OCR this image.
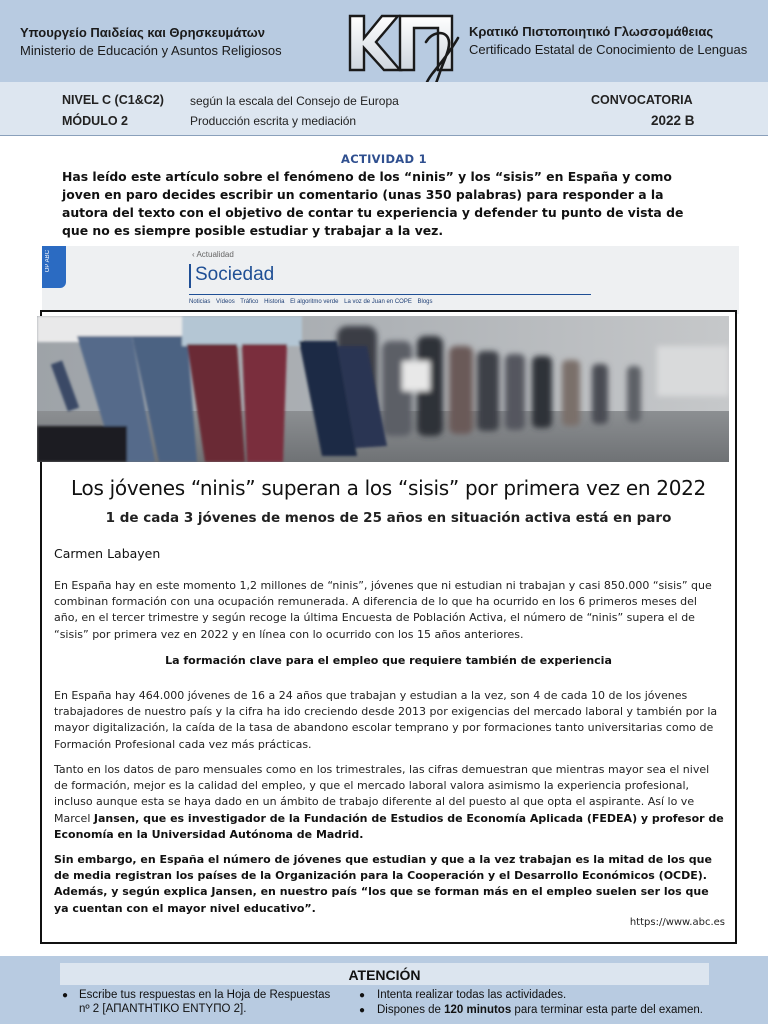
Υπουργείο Παιδείας και Θρησκευμάτων
Ministerio de Educación y Asuntos Religiosos
Κρατικό Πιστοποιητικό Γλωσσομάθειας
Certificado Estatal de Conocimiento de Lenguas
NIVEL C (C1&C2)
MÓDULO 2
según la escala del Consejo de Europa
Producción escrita y mediación
CONVOCATORIA
2022 B
ACTIVIDAD 1
Has leído este artículo sobre el fenómeno de los “ninis” y los “sisis” en España y como joven en paro decides escribir un comentario (unas 350 palabras) para responder a la autora del texto con el objetivo de contar tu experiencia y defender tu punto de vista de que no es siempre posible estudiar y trabajar a la vez.
OP ABC	‹ Actualidad
Sociedad
Noticias Vídeos Tráfico Historia El algoritmo verde La voz de Juan en COPE Blogs
Los jóvenes “ninis” superan a los “sisis” por primera vez en 2022
1 de cada 3 jóvenes de menos de 25 años en situación activa está en paro
Carmen Labayen
En España hay en este momento 1,2 millones de “ninis”, jóvenes que ni estudian ni trabajan y casi 850.000 “sisis” que combinan formación con una ocupación remunerada. A diferencia de lo que ha ocurrido en los 6 primeros meses del año, en el tercer trimestre y según recoge la última Encuesta de Población Activa, el número de “ninis” supera el de “sisis” por primera vez en 2022 y en línea con lo ocurrido con los 15 años anteriores.
La formación clave para el empleo que requiere también de experiencia
En España hay 464.000 jóvenes de 16 a 24 años que trabajan y estudian a la vez, son 4 de cada 10 de los jóvenes trabajadores de nuestro país y la cifra ha ido creciendo desde 2013 por exigencias del mercado laboral y también por la mayor digitalización, la caída de la tasa de abandono escolar temprano y por formaciones tanto universitarias como de Formación Profesional cada vez más prácticas.
Tanto en los datos de paro mensuales como en los trimestrales, las cifras demuestran que mientras mayor sea el nivel de formación, mejor es la calidad del empleo, y que el mercado laboral valora asimismo la experiencia profesional, incluso aunque esta se haya dado en un ámbito de trabajo diferente al del puesto al que opta el aspirante. Así lo ve Marcel Jansen, que es investigador de la Fundación de Estudios de Economía Aplicada (FEDEA) y profesor de Economía en la Universidad Autónoma de Madrid.
Sin embargo, en España el número de jóvenes que estudian y que a la vez trabajan es la mitad de los que de media registran los países de la Organización para la Cooperación y el Desarrollo Económicos (OCDE). Además, y según explica Jansen, en nuestro país “los que se forman más en el empleo suelen ser los que ya cuentan con el mayor nivel educativo”.
https://www.abc.es
ATENCIÓN
● Escribe tus respuestas en la Hoja de Respuestas nº 2 [ΑΠΑΝΤΗΤΙΚΟ ΕΝΤΥΠΟ 2].
● Intenta realizar todas las actividades.
● Dispones de 120 minutos para terminar esta parte del examen.
